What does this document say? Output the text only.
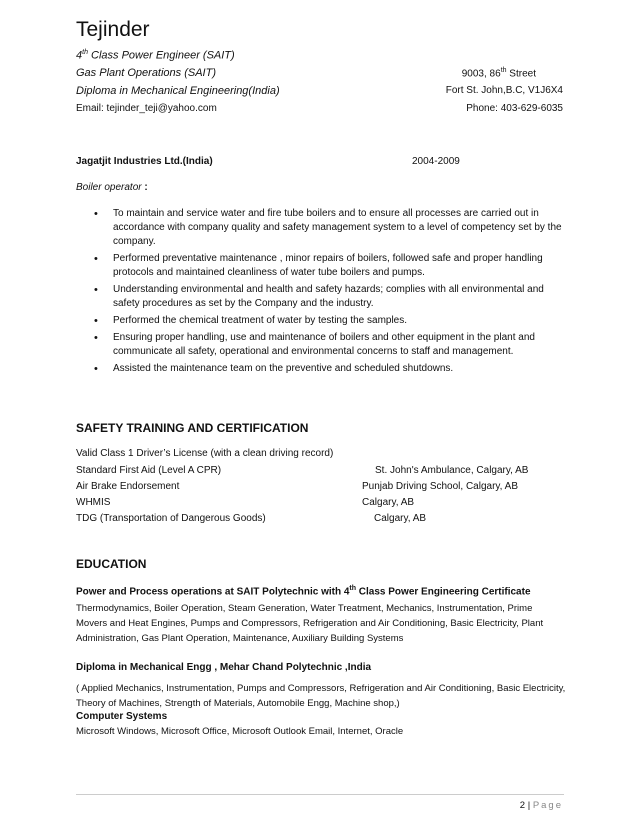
Tejinder
4th Class Power Engineer (SAIT)
Gas Plant Operations (SAIT)
Diploma in Mechanical Engineering(India)
Email: tejinder_teji@yahoo.com
9003, 86th Street
Fort St. John,B.C, V1J6X4
Phone: 403-629-6035
Jagatjit Industries Ltd.(India)	2004-2009
Boiler operator :
• To maintain and service water and fire tube boilers and to ensure all processes are carried out in accordance with company quality and safety management system to a level of competency set by the company.
• Performed preventative maintenance , minor repairs of boilers, followed safe and proper handling protocols and maintained cleanliness of water tube boilers and pumps.
• Understanding environmental and health and safety hazards; complies with all environmental and safety procedures as set by the Company and the industry.
• Performed the chemical treatment of water by testing the samples.
• Ensuring proper handling, use and maintenance of boilers and other equipment in the plant and communicate all safety, operational and environmental concerns to staff and management.
• Assisted the maintenance team on the preventive and scheduled shutdowns.
SAFETY TRAINING AND CERTIFICATION
Valid Class 1 Driver’s License (with a clean driving record)
Standard First Aid (Level A CPR)	St. John's Ambulance, Calgary, AB
Air Brake Endorsement	Punjab Driving School, Calgary, AB
WHMIS	Calgary, AB
TDG (Transportation of Dangerous Goods)	Calgary, AB
EDUCATION
Power and Process operations at SAIT Polytechnic with 4th Class Power Engineering Certificate
Thermodynamics, Boiler Operation, Steam Generation, Water Treatment, Mechanics, Instrumentation, Prime Movers and Heat Engines, Pumps and Compressors, Refrigeration and Air Conditioning, Basic Electricity, Plant Administration, Gas Plant Operation, Maintenance, Auxiliary Building Systems
Diploma in Mechanical Engg , Mehar Chand Polytechnic ,India
( Applied Mechanics, Instrumentation, Pumps and Compressors, Refrigeration and Air Conditioning, Basic Electricity, Theory of Machines, Strength of Materials, Automobile Engg, Machine shop,)
Computer Systems
Microsoft Windows, Microsoft Office, Microsoft Outlook Email, Internet, Oracle
2 | Page
